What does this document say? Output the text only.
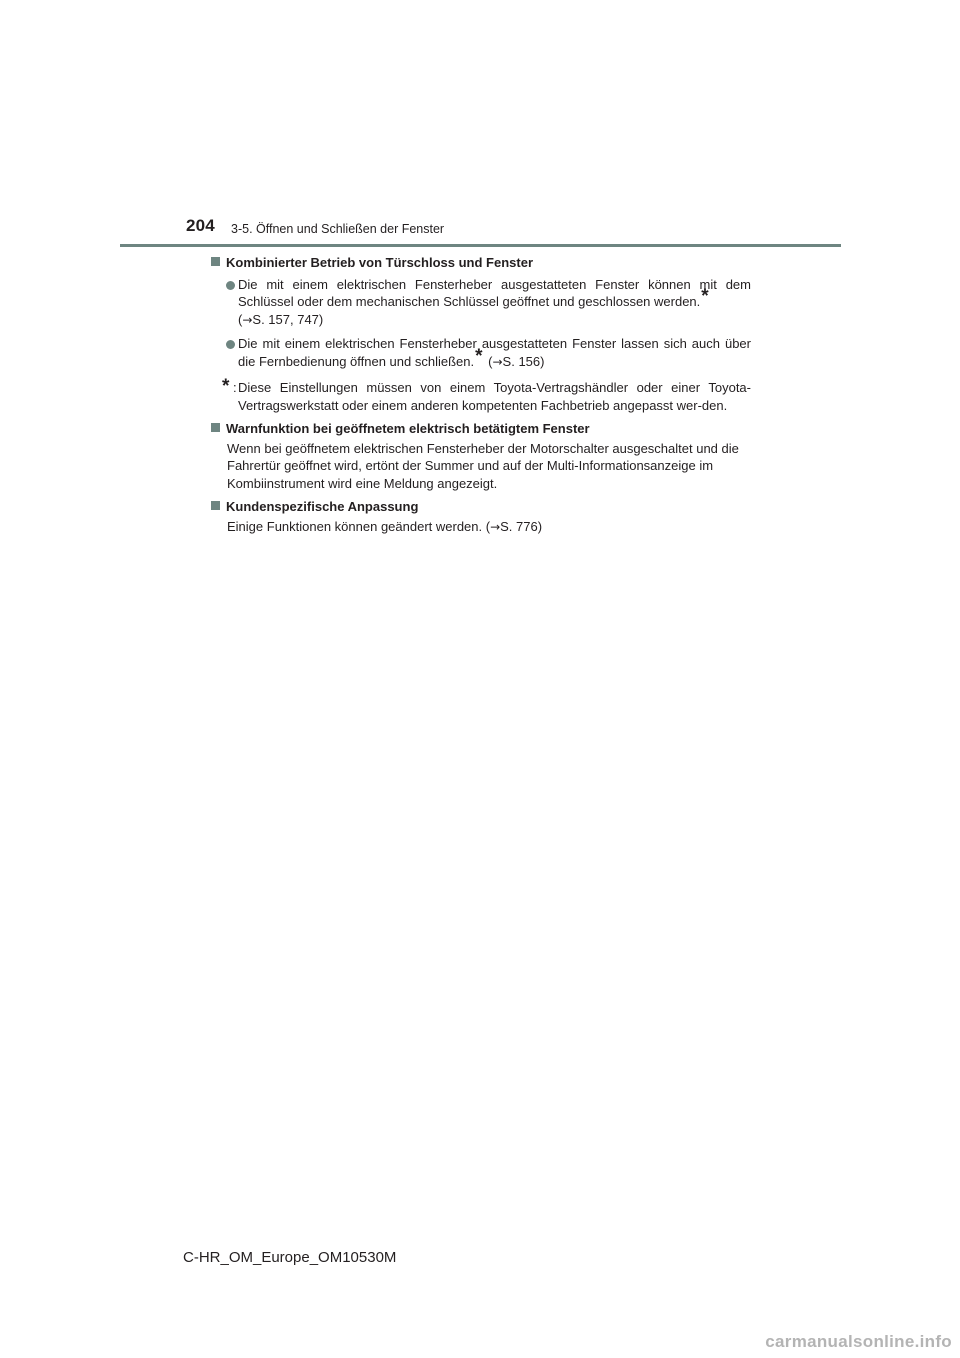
204 3-5. Öffnen und Schließen der Fenster
Kombinierter Betrieb von Türschloss und Fenster
Die mit einem elektrischen Fensterheber ausgestatteten Fenster können mit dem Schlüssel oder dem mechanischen Schlüssel geöffnet und geschlossen werden.*
(→S. 157, 747)
Die mit einem elektrischen Fensterheber ausgestatteten Fenster lassen sich auch über die Fernbedienung öffnen und schließen.* (→S. 156)
* : Diese Einstellungen müssen von einem Toyota-Vertragshändler oder einer Toyota-Vertragswerkstatt oder einem anderen kompetenten Fachbetrieb angepasst wer-den.
Warnfunktion bei geöffnetem elektrisch betätigtem Fenster
Wenn bei geöffnetem elektrischen Fensterheber der Motorschalter ausgeschaltet und die Fahrertür geöffnet wird, ertönt der Summer und auf der Multi-Informationsanzeige im Kombiinstrument wird eine Meldung angezeigt.
Kundenspezifische Anpassung
Einige Funktionen können geändert werden. (→S. 776)
C-HR_OM_Europe_OM10530M
carmanualsonline.info
